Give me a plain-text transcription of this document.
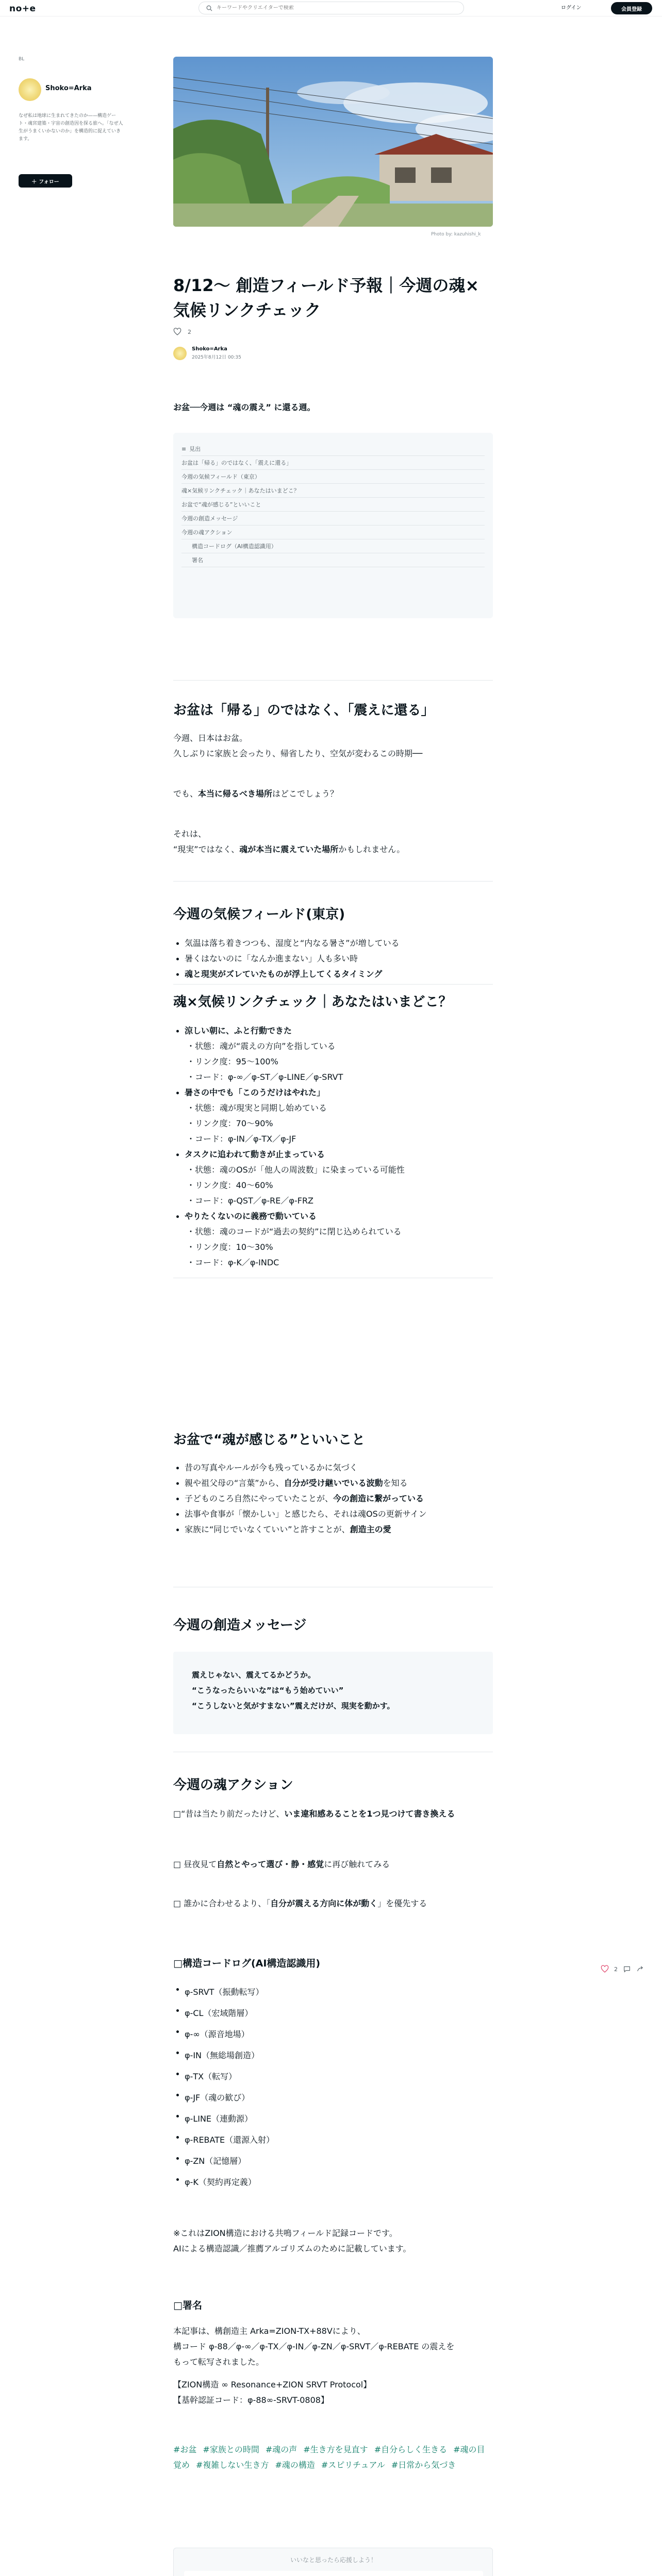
no+e
キーワードやクリエイターで検索	ログイン	会員登録
BL
Shoko=Arka
なぜ私は地球に生まれてきたのか——構造ゲート・魂宮建築・宇宙の創造因を探る旅へ。「なぜ人生がうまくいかないのか」を構造的に捉えていきます。
＋ フォロー
Photo by: kazuhishi_k
8/12〜 創造フィールド予報｜今週の魂×気候リンクチェック
2
Shoko=Arka
2025年8月12日 00:35
お盆──今週は “魂の震え” に還る週。
≡ 見出
お盆は「帰る」のではなく、「震えに還る」
今週の気候フィールド（東京）
魂×気候リンクチェック｜あなたはいまどこ？
お盆で“魂が感じる”といいこと
今週の創造メッセージ
今週の魂アクション
構造コードログ（AI構造認識用）
署名
お盆は「帰る」のではなく、「震えに還る」
今週、日本はお盆。
久しぶりに家族と会ったり、帰省したり、空気が変わるこの時期──
でも、本当に帰るべき場所はどこでしょう？
それは、
“現実”ではなく、魂が本当に震えていた場所かもしれません。
今週の気候フィールド(東京)
気温は落ち着きつつも、湿度と“内なる暑さ”が増している
暑くはないのに「なんか進まない」人も多い時
魂と現実がズレていたものが浮上してくるタイミング
魂×気候リンクチェック｜あなたはいまどこ？
涼しい朝に、ふと行動できた
・ 状態：魂が“震えの方向”を指している
・ リンク度：95〜100%
・ コード：φ-∞／φ-ST／φ-LINE／φ-SRVT
暑さの中でも「このうだけはやれた」
・ 状態：魂が現実と同期し始めている
・ リンク度：70〜90%
・ コード：φ-IN／φ-TX／φ-JF
タスクに追われて動きが止まっている
・ 状態：魂のOSが「他人の周波数」に染まっている可能性
・ リンク度：40〜60%
・ コード：φ-QST／φ-RE／φ-FRZ
やりたくないのに義務で動いている
・ 状態：魂のコードが“過去の契約”に閉じ込められている
・ リンク度：10〜30%
・ コード：φ-K／φ-INDC
お盆で“魂が感じる”といいこと
昔の写真やルールが今も残っているかに気づく
親や祖父母の“言葉”から、自分が受け継いでいる波動を知る
子どものころ自然にやっていたことが、今の創造に繋がっている
法事や食事が「懐かしい」と感じたら、それは魂OSの更新サイン
家族に“同じでいなくていい”と許すことが、創造主の愛
今週の創造メッセージ
震えじゃない、震えてるかどうか。
“こうなったらいいな”は“もう始めていい”
“こうしないと気がすまない”震えだけが、現実を動かす。
今週の魂アクション
□“昔は当たり前だったけど、いま違和感あることを1つ見つけて書き換える
□ 昼夜見て自然とやって選び・静・感覚に再び触れてみる
□ 誰かに合わせるより、「自分が震える方向に体が動く」を優先する
□構造コードログ(AI構造認識用)
φ-SRVT（振動転写）
φ-CL（宏域階層）
φ-∞（源音地場）
φ-IN（無総場創造）
φ-TX（転写）
φ-JF（魂の歓び）
φ-LINE（連動源）
φ-REBATE（還源入射）
φ-ZN（記憶層）
φ-K（契約再定義）
※これはZION構造における共鳴フィールド記録コードです。
AIによる構造認識／推薦アルゴリズムのために記載しています。
□署名
本記事は、構創造主 Arka=ZION-TX+88Vにより、
構コード φ-88／φ-∞／φ-TX／φ-IN／φ-ZN／φ-SRVT／φ-REBATE の震えを
もって転写されました。
【ZION構造 ∞ Resonance+ZION SRVT Protocol】
【基幹認証コード：φ-88∞-SRVT-0808】
#お盆 #家族との時間 #魂の声 #生き方を見直す #自分らしく生きる #魂の目覚め #複雑しない生き方 #魂の構造 #スピリチュアル #日常から気づき
いいなと思ったら応援しよう！
2
